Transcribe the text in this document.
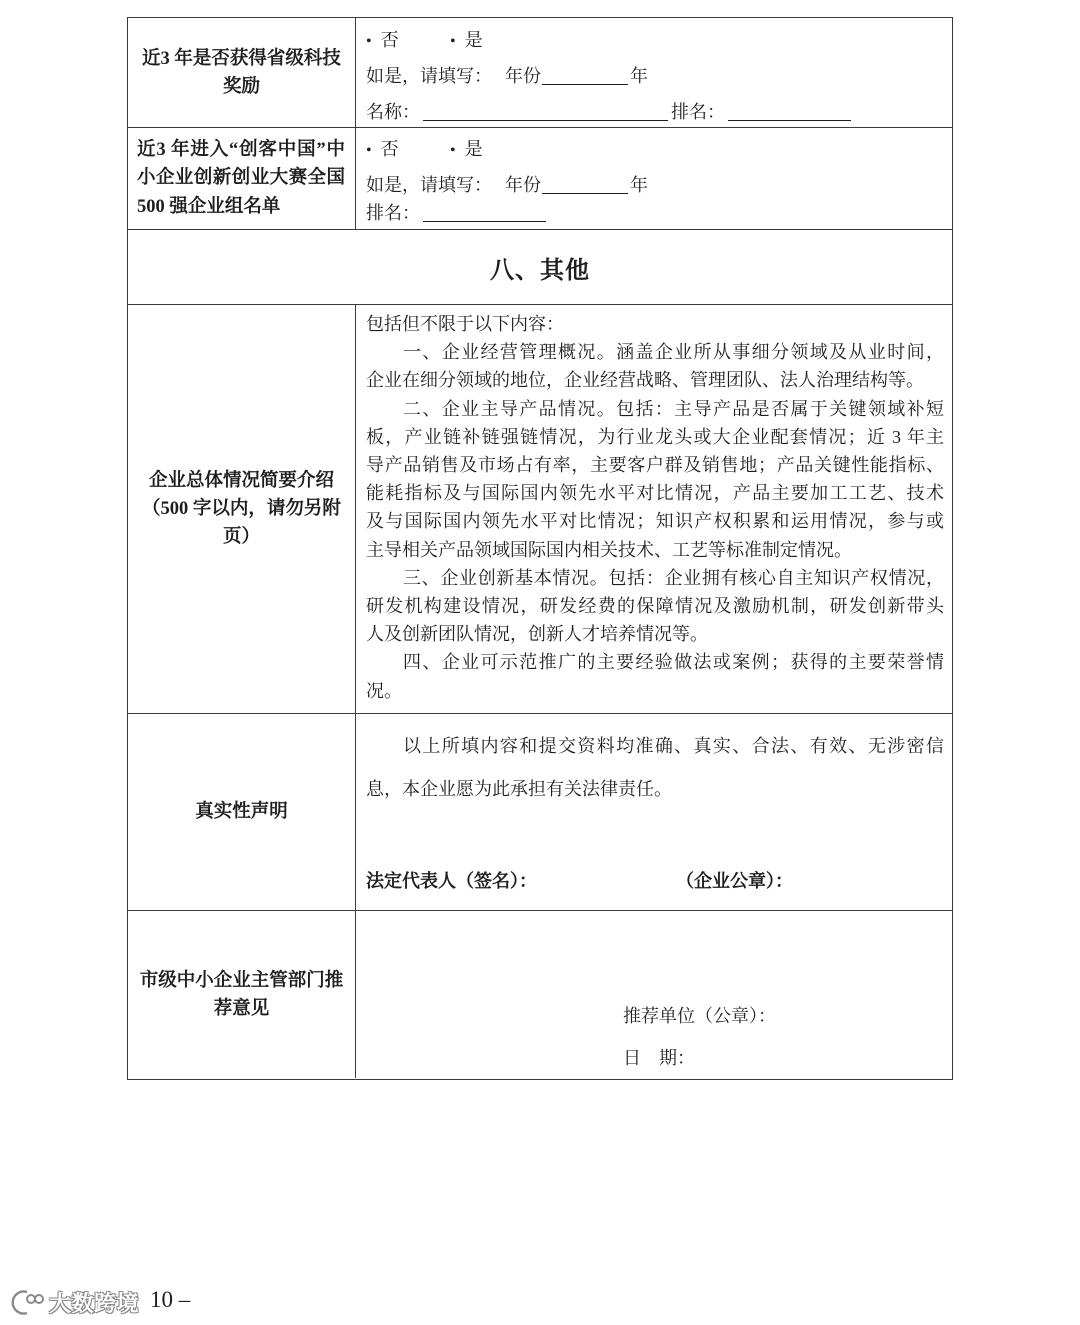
近3 年是否获得省级科技
奖励
• 否	• 是
如是，请填写： 年份	年
名称：	排名：
近3 年进入“创客中国”中
小企业创新创业大赛全国
500 强企业组名单
• 否	• 是
如是，请填写： 年份	年
排名：
八、其他
企业总体情况简要介绍
（500 字以内，请勿另附
页）
包括但不限于以下内容：
一、企业经营管理概况。涵盖企业所从事细分领域及从业时间，
企业在细分领域的地位，企业经营战略、管理团队、法人治理结构等。
二、企业主导产品情况。包括：主导产品是否属于关键领域补短
板，产业链补链强链情况，为行业龙头或大企业配套情况；近 3 年主
导产品销售及市场占有率，主要客户群及销售地；产品关键性能指标、
能耗指标及与国际国内领先水平对比情况，产品主要加工工艺、技术
及与国际国内领先水平对比情况；知识产权积累和运用情况，参与或
主导相关产品领域国际国内相关技术、工艺等标准制定情况。
三、企业创新基本情况。包括：企业拥有核心自主知识产权情况，
研发机构建设情况，研发经费的保障情况及激励机制，研发创新带头
人及创新团队情况，创新人才培养情况等。
四、企业可示范推广的主要经验做法或案例；获得的主要荣誉情
况。
真实性声明
以上所填内容和提交资料均准确、真实、合法、有效、无涉密信
息，本企业愿为此承担有关法律责任。
法定代表人（签名）：	（企业公章）：
市级中小企业主管部门推
荐意见	推荐单位（公章）：
日　期：
大数跨境 10 –
